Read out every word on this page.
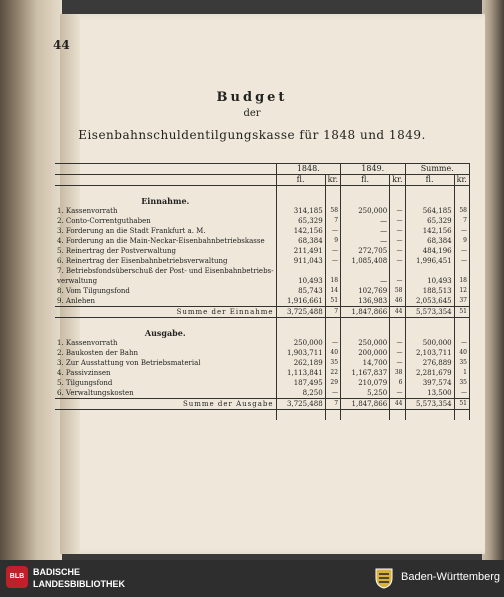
44
Budget
der
Eisenbahnschuldentilgungskasse für 1848 und 1849.
	1848.		1849.		Summe.	
	fl.	kr.	fl.	kr.	fl.	kr.

Einnahme.						
1. Kassenvorrath	314,185	58	250,000	—	564,185	58
2. Conto-Correntguthaben	65,329	7	—	—	65,329	7
3. Forderung an die Stadt Frankfurt a. M.	142,156	—	—	—	142,156	—
4. Forderung an die Main-Neckar-Eisenbahnbetriebskasse	68,384	9	—	—	68,384	9
5. Reinertrag der Postverwaltung	211,491	—	272,705	—	484,196	—
6. Reinertrag der Eisenbahnbetriebsverwaltung	911,043	—	1,085,408	—	1,996,451	—
7. Betriebsfondsüberschuß der Post- und Eisenbahnbetriebs-						
verwaltung	10,493	18	—	—	10,493	18
8. Vom Tilgungsfond	85,743	14	102,769	58	188,513	12
9. Anlehen	1,916,661	51	136,983	46	2,053,645	37
Summe der Einnahme	3,725,488	7	1,847,866	44	5,573,354	51

Ausgabe.						
1. Kassenvorrath	250,000	—	250,000	—	500,000	—
2. Baukosten der Bahn	1,903,711	40	200,000	—	2,103,711	40
3. Zur Ausstattung von Betriebsmaterial	262,189	35	14,700	—	276,889	35
4. Passivzinsen	1,113,841	22	1,167,837	38	2,281,679	1
5. Tilgungsfond	187,495	29	210,079	6	397,574	35
6. Verwaltungskosten	8,250	—	5,250	—	13,500	—
Summe der Ausgabe	3,725,488	7	1,847,866	44	5,573,354	51

BLB BADISCHE
LANDESBIBLIOTHEK
Baden-Württemberg
